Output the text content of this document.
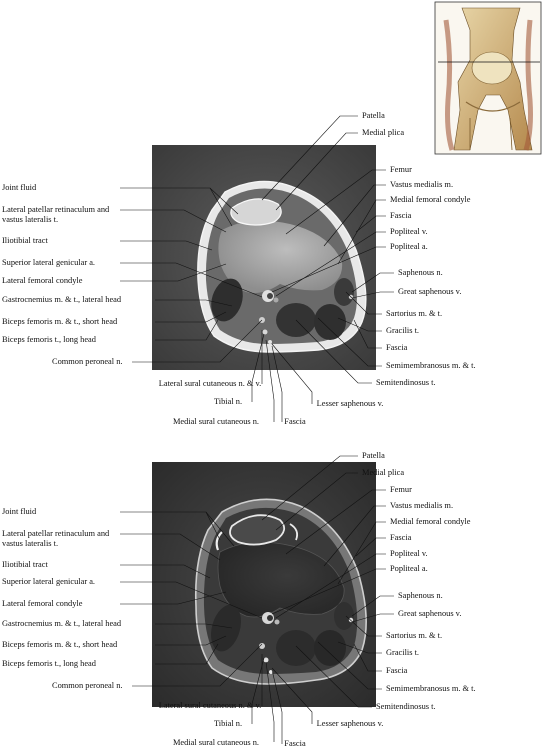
Joint fluid
Lateral patellar retinaculum and
vastus lateralis t.
Iliotibial tract
Superior lateral genicular a.
Lateral femoral condyle
Gastrocnemius m. & t., lateral head
Biceps femoris m. & t., short head
Biceps femoris t., long head
Common peroneal n.
Patella
Medial plica
Femur
Vastus medialis m.
Medial femoral condyle
Fascia
Popliteal v.
Popliteal a.
Saphenous n.
Great saphenous v.
Sartorius m. & t.
Gracilis t.
Fascia
Semimembranosus m. & t.
Semitendinosus t.
Lateral sural cutaneous n. & v.
Tibial n.
Medial sural cutaneous n.
Lesser saphenous v.
Fascia
Joint fluid
Lateral patellar retinaculum and
vastus lateralis t.
Iliotibial tract
Superior lateral genicular a.
Lateral femoral condyle
Gastrocnemius m. & t., lateral head
Biceps femoris m. & t., short head
Biceps femoris t., long head
Common peroneal n.
Patella
Medial plica
Femur
Vastus medialis m.
Medial femoral condyle
Fascia
Popliteal v.
Popliteal a.
Saphenous n.
Great saphenous v.
Sartorius m. & t.
Gracilis t.
Fascia
Semimembranosus m. & t.
Semitendinosus t.
Lateral sural cutaneous n. & v.
Tibial n.
Medial sural cutaneous n.
Lesser saphenous v.
Fascia
